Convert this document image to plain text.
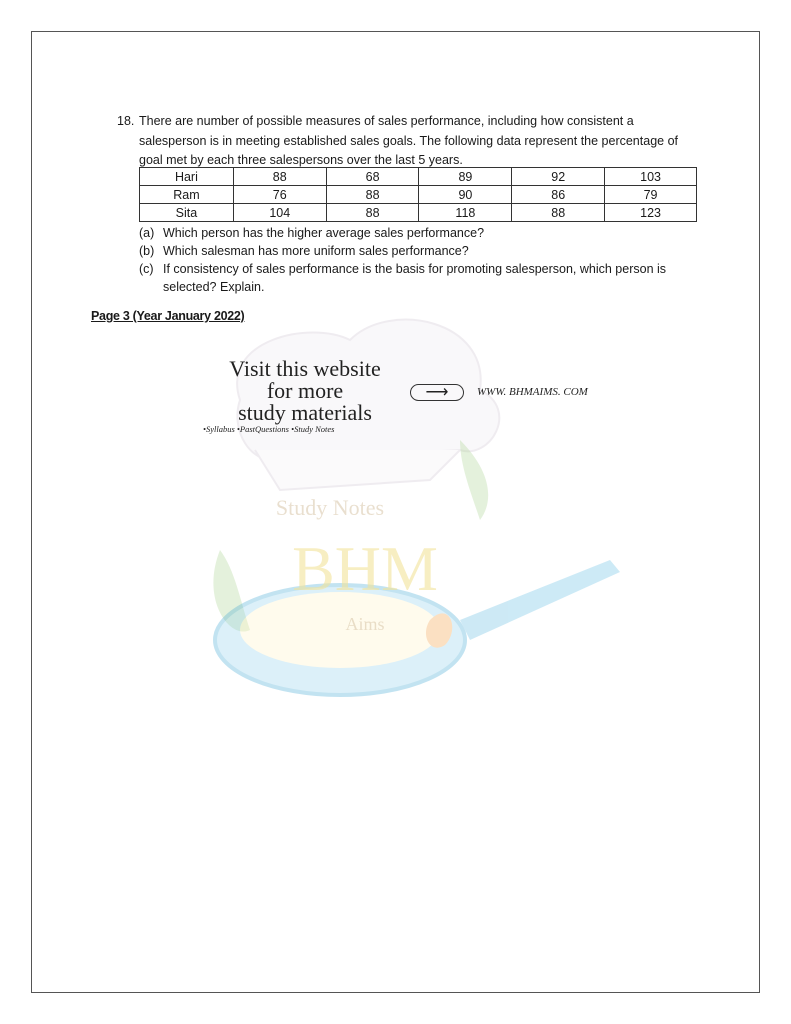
Study Notes
BHM
Aims
18. There are number of possible measures of sales performance, including how consistent a salesperson is in meeting established sales goals. The following data represent the percentage of goal met by each three salespersons over the last 5 years.
Hari	88	68	89	92	103
Ram	76	88	90	86	79
Sita	104	88	118	88	123
(a) Which person has the higher average sales performance?
(b) Which salesman has more uniform sales performance?
(c) If consistency of sales performance is the basis for promoting salesperson, which person is
selected? Explain.
Page 3 (Year January 2022)
Visit this website
for more
study materials
•Syllabus •PastQuestions •Study Notes
⟶	WWW. BHMAIMS. COM
